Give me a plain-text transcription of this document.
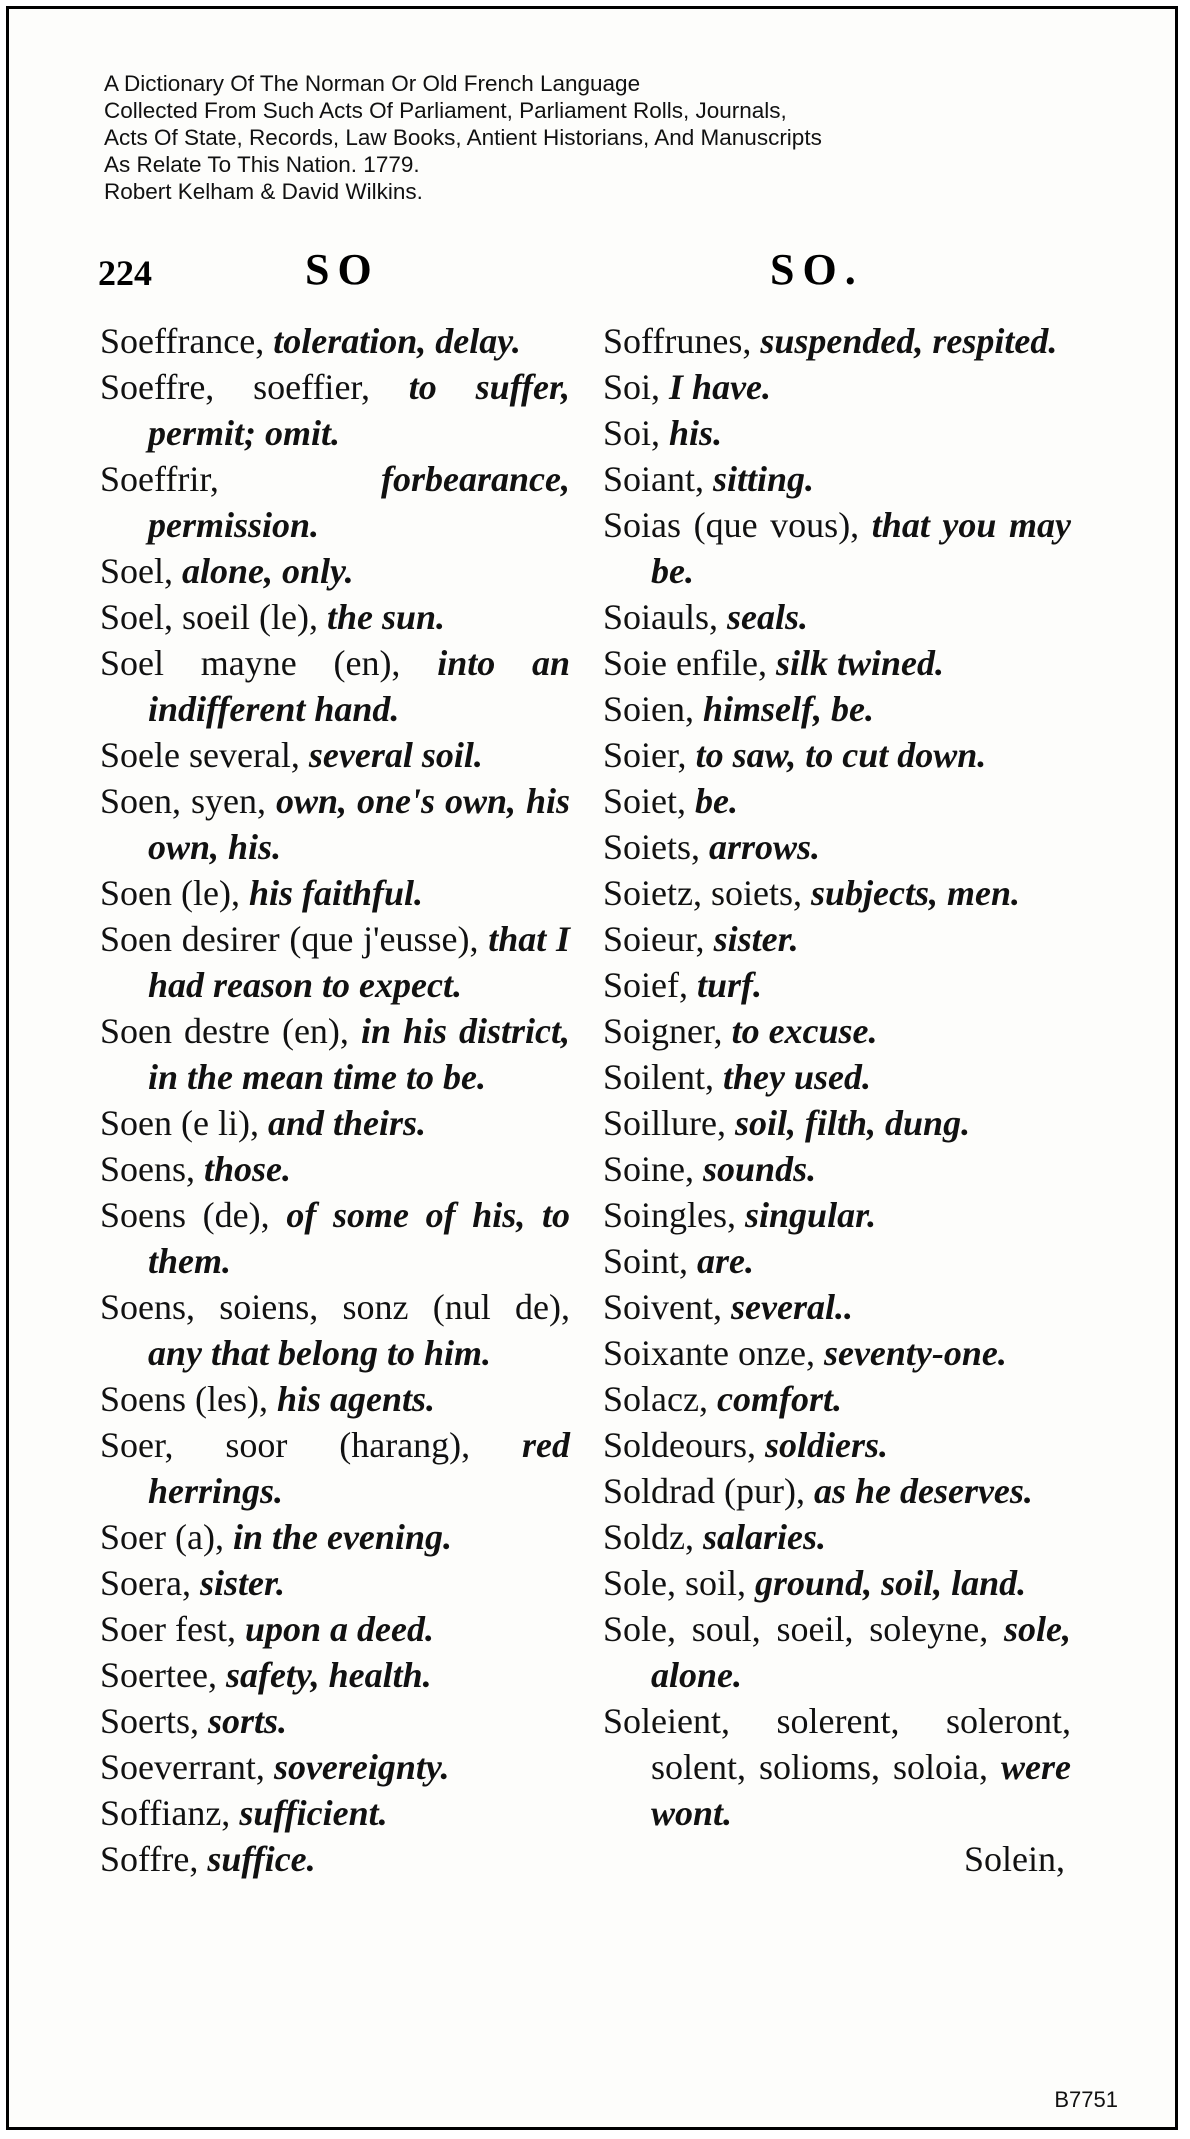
A Dictionary Of The Norman Or Old French Language
Collected From Such Acts Of Parliament, Parliament Rolls, Journals,
Acts Of State, Records, Law Books, Antient Historians, And Manuscripts
As Relate To This Nation. 1779.
Robert Kelham & David Wilkins.
224	SO	SO.
Soeffrance, toleration, delay.
Soeffre, soeffier, to suffer, permit; omit.
Soeffrir,	forbearance, permission.
Soel, alone, only.
Soel, soeil (le), the sun.
Soel mayne (en), into an indifferent hand.
Soele several, several soil.
Soen, syen, own, one's own, his own, his.
Soen (le), his faithful.
Soen desirer (que j'eusse), that I had reason to expect.
Soen destre (en), in his district, in the mean time to be.
Soen (e li), and theirs.
Soens, those.
Soens (de), of some of his, to them.
Soens, soiens, sonz (nul de), any that belong to him.
Soens (les), his agents.
Soer, soor (harang), red herrings.
Soer (a), in the evening.
Soera, sister.
Soer fest, upon a deed.
Soertee, safety, health.
Soerts, sorts.
Soeverrant, sovereignty.
Soffianz, sufficient.
Soffre, suffice.
Soffrunes, suspended, respited.
Soi, I have.
Soi, his.
Soiant, sitting.
Soias (que vous), that you may be.
Soiauls, seals.
Soie enfile, silk twined.
Soien, himself, be.
Soier, to saw, to cut down.
Soiet, be.
Soiets, arrows.
Soietz, soiets, subjects, men.
Soieur, sister.
Soief, turf.
Soigner, to excuse.
Soilent, they used.
Soillure, soil, filth, dung.
Soine, sounds.
Soingles, singular.
Soint, are.
Soivent, several..
Soixante onze, seventy-one.
Solacz, comfort.
Soldeours, soldiers.
Soldrad (pur), as he deserves.
Soldz, salaries.
Sole, soil, ground, soil, land.
Sole, soul, soeil, soleyne, sole, alone.
Soleient, solerent, soleront, solent, solioms, soloia, were wont.
Solein,
B7751
